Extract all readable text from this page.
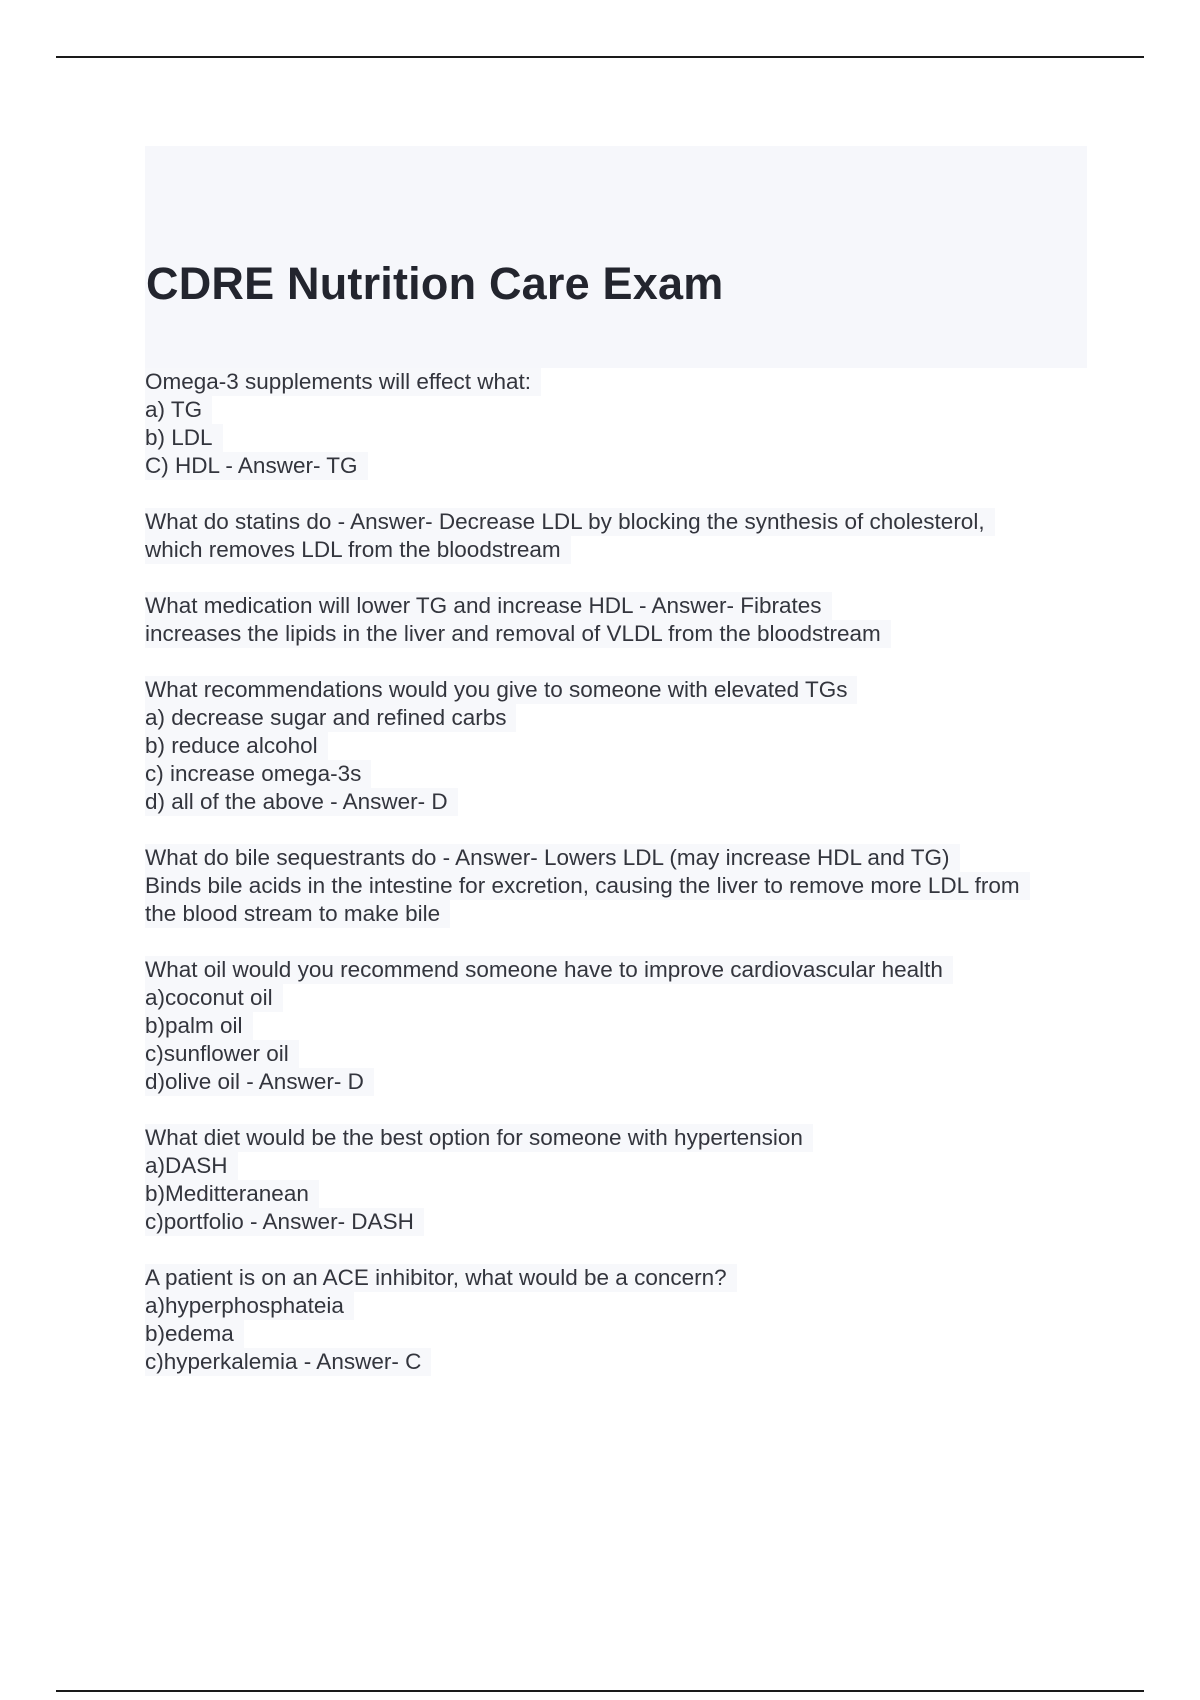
CDRE Nutrition Care Exam
Omega-3 supplements will effect what:
a) TG
b) LDL
C) HDL - Answer- TG
What do statins do - Answer- Decrease LDL by blocking the synthesis of cholesterol,
which removes LDL from the bloodstream
What medication will lower TG and increase HDL - Answer- Fibrates
increases the lipids in the liver and removal of VLDL from the bloodstream
What recommendations would you give to someone with elevated TGs
a) decrease sugar and refined carbs
b) reduce alcohol
c) increase omega-3s
d) all of the above - Answer- D
What do bile sequestrants do - Answer- Lowers LDL (may increase HDL and TG)
Binds bile acids in the intestine for excretion, causing the liver to remove more LDL from
the blood stream to make bile
What oil would you recommend someone have to improve cardiovascular health
a)coconut oil
b)palm oil
c)sunflower oil
d)olive oil - Answer- D
What diet would be the best option for someone with hypertension
a)DASH
b)Meditteranean
c)portfolio - Answer- DASH
A patient is on an ACE inhibitor, what would be a concern?
a)hyperphosphateia
b)edema
c)hyperkalemia - Answer- C
